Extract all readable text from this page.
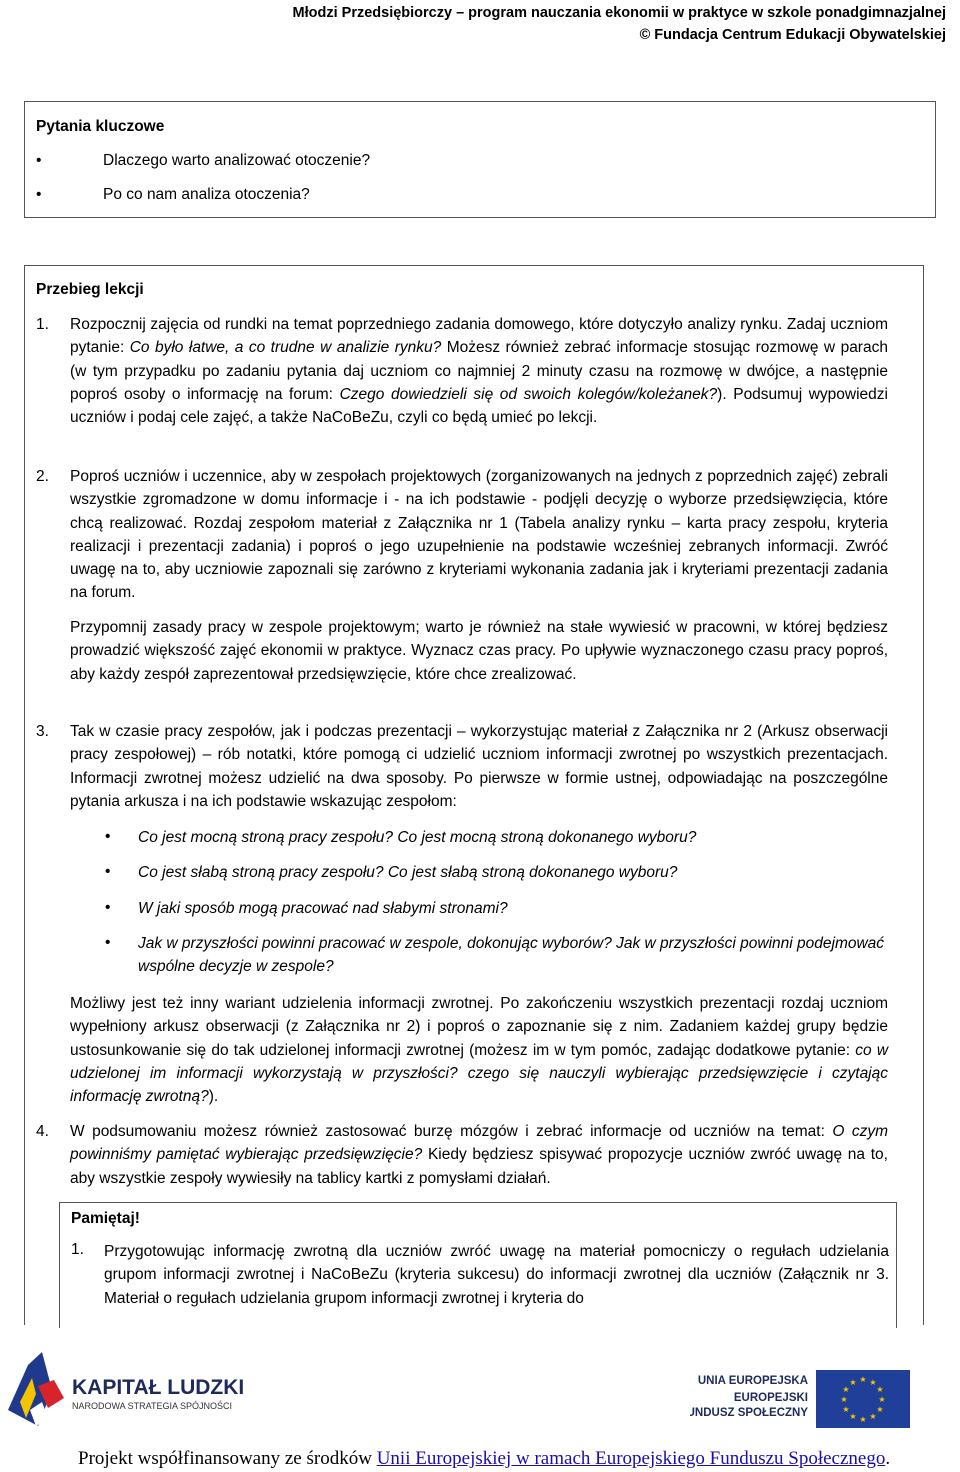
Młodzi Przedsiębiorczy – program nauczania ekonomii w praktyce w szkole ponadgimnazjalnej
© Fundacja Centrum Edukacji Obywatelskiej
Pytania kluczowe
•	Dlaczego warto analizować otoczenie?
•	Po co nam analiza otoczenia?
Przebieg lekcji
1. Rozpocznij zajęcia od rundki na temat poprzedniego zadania domowego, które dotyczyło analizy rynku. Zadaj uczniom pytanie: Co było łatwe, a co trudne w analizie rynku? Możesz również zebrać informacje stosując rozmowę w parach (w tym przypadku po zadaniu pytania daj uczniom co najmniej 2 minuty czasu na rozmowę w dwójce, a następnie poproś osoby o informację na forum: Czego dowiedzieli się od swoich kolegów/koleżanek?). Podsumuj wypowiedzi uczniów i podaj cele zajęć, a także NaCoBeZu, czyli co będą umieć po lekcji.
2. Poproś uczniów i uczennice, aby w zespołach projektowych (zorganizowanych na jednych z poprzednich zajęć) zebrali wszystkie zgromadzone w domu informacje i - na ich podstawie - podjęli decyzję o wyborze przedsięwzięcia, które chcą realizować. Rozdaj zespołom materiał z Załącznika nr 1 (Tabela analizy rynku – karta pracy zespołu, kryteria realizacji i prezentacji zadania) i poproś o jego uzupełnienie na podstawie wcześniej zebranych informacji. Zwróć uwagę na to, aby uczniowie zapoznali się zarówno z kryteriami wykonania zadania jak i kryteriami prezentacji zadania na forum.
Przypomnij zasady pracy w zespole projektowym; warto je również na stałe wywiesić w pracowni, w której będziesz prowadzić większość zajęć ekonomii w praktyce. Wyznacz czas pracy. Po upływie wyznaczonego czasu pracy poproś, aby każdy zespół zaprezentował przedsięwzięcie, które chce zrealizować.
3. Tak w czasie pracy zespołów, jak i podczas prezentacji – wykorzystując materiał z Załącznika nr 2 (Arkusz obserwacji pracy zespołowej) – rób notatki, które pomogą ci udzielić uczniom informacji zwrotnej po wszystkich prezentacjach. Informacji zwrotnej możesz udzielić na dwa sposoby. Po pierwsze w formie ustnej, odpowiadając na poszczególne pytania arkusza i na ich podstawie wskazując zespołom:
• Co jest mocną stroną pracy zespołu? Co jest mocną stroną dokonanego wyboru?
• Co jest słabą stroną pracy zespołu? Co jest słabą stroną dokonanego wyboru?
• W jaki sposób mogą pracować nad słabymi stronami?
• Jak w przyszłości powinni pracować w zespole, dokonując wyborów? Jak w przyszłości powinni podejmować wspólne decyzje w zespole?
Możliwy jest też inny wariant udzielenia informacji zwrotnej. Po zakończeniu wszystkich prezentacji rozdaj uczniom wypełniony arkusz obserwacji (z Załącznika nr 2) i poproś o zapoznanie się z nim. Zadaniem każdej grupy będzie ustosunkowanie się do tak udzielonej informacji zwrotnej (możesz im w tym pomóc, zadając dodatkowe pytanie: co w udzielonej im informacji wykorzystają w przyszłości? czego się nauczyli wybierając przedsięwzięcie i czytając informację zwrotną?).
4. W podsumowaniu możesz również zastosować burzę mózgów i zebrać informacje od uczniów na temat: O czym powinniśmy pamiętać wybierając przedsięwzięcie? Kiedy będziesz spisywać propozycje uczniów zwróć uwagę na to, aby wszystkie zespoły wywiesiły na tablicy kartki z pomysłami działań.
Pamiętaj!
1. Przygotowując informację zwrotną dla uczniów zwróć uwagę na materiał pomocniczy o regułach udzielania grupom informacji zwrotnej i NaCoBeZu (kryteria sukcesu) do informacji zwrotnej dla uczniów (Załącznik nr 3. Materiał o regułach udzielania grupom informacji zwrotnej i kryteria do
KAPITAŁ LUDZKI
NARODOWA STRATEGIA SPÓJNOŚCI
UNIA EUROPEJSKA
EUROPEJSKI
FUNDUSZ SPOŁECZNY
★ ★
★
★
★
★
★
★
★
★
★
★
Projekt współfinansowany ze środków Unii Europejskiej w ramach Europejskiego Funduszu Społecznego.
